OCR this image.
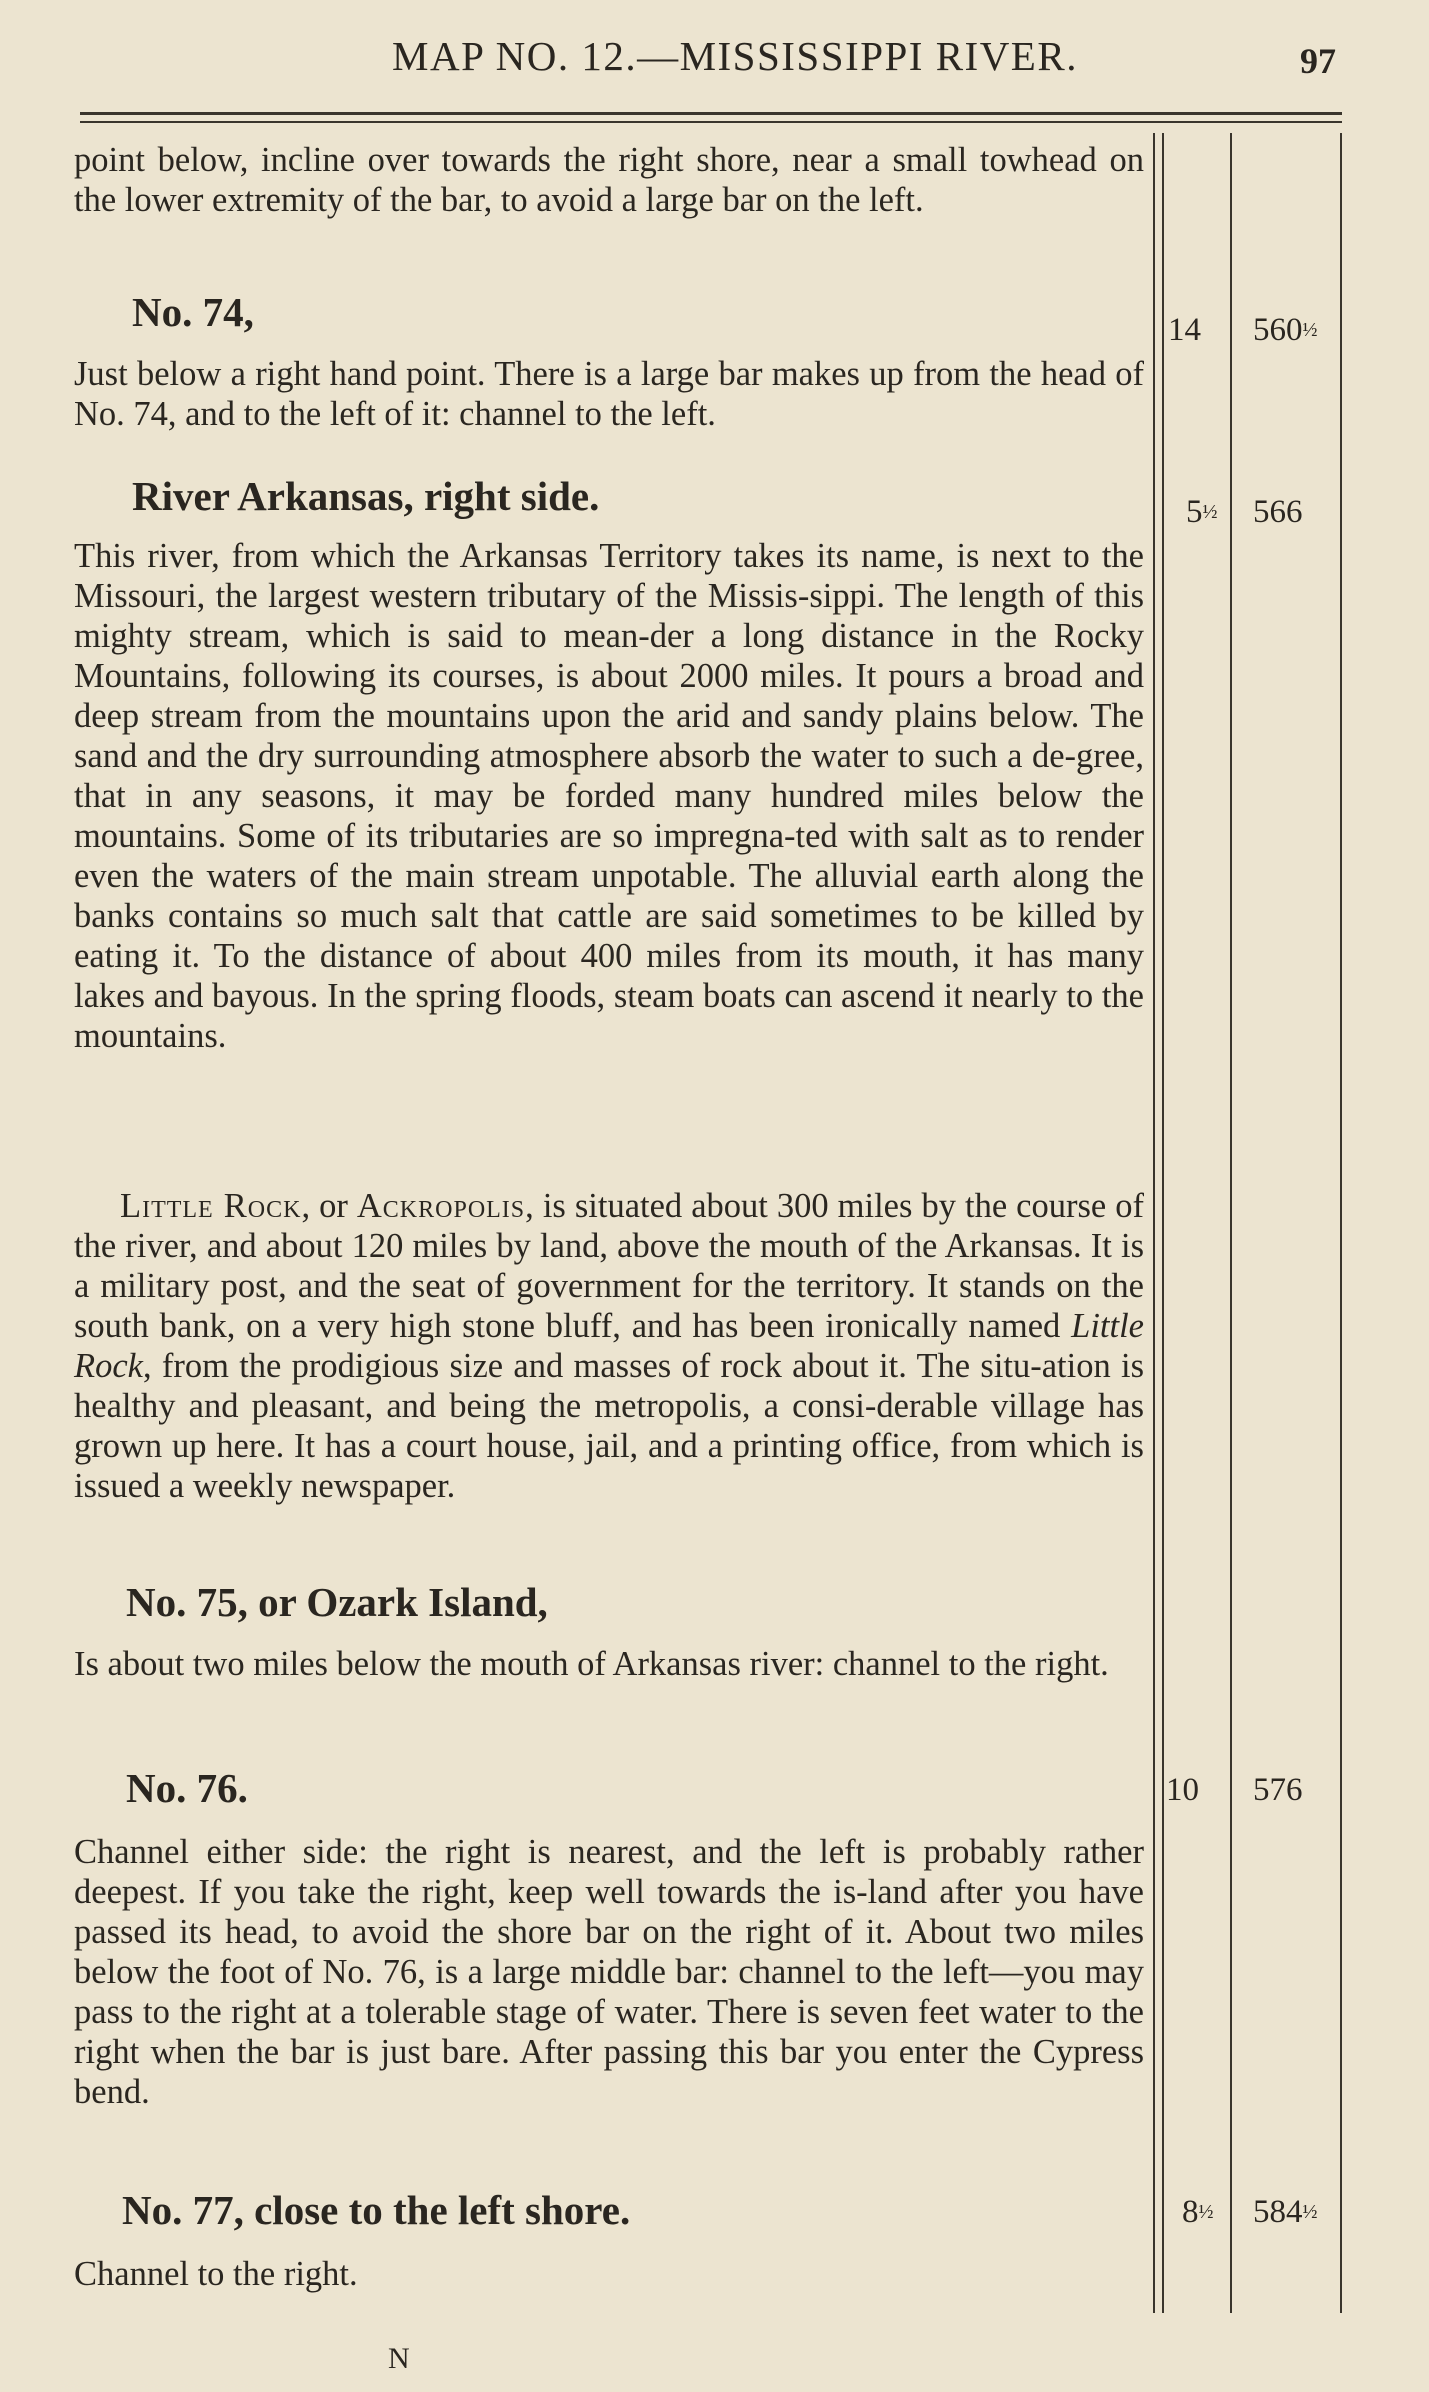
MAP NO. 12.—MISSISSIPPI RIVER.	97

point below, incline over towards the right shore, near a small towhead on the lower extremity of the bar, to avoid a large bar on the left.

No. 74,

Just below a right hand point. There is a large bar makes up from the head of No. 74, and to the left of it: channel to the left.

14 560½

River Arkansas, right side.

This river, from which the Arkansas Territory takes its name, is next to the Missouri, the largest western tributary of the Missis-sippi. The length of this mighty stream, which is said to mean-der a long distance in the Rocky Mountains, following its courses, is about 2000 miles. It pours a broad and deep stream from the mountains upon the arid and sandy plains below. The sand and the dry surrounding atmosphere absorb the water to such a de-gree, that in any seasons, it may be forded many hundred miles below the mountains. Some of its tributaries are so impregna-ted with salt as to render even the waters of the main stream unpotable. The alluvial earth along the banks contains so much salt that cattle are said sometimes to be killed by eating it. To the distance of about 400 miles from its mouth, it has many lakes and bayous. In the spring floods, steam boats can ascend it nearly to the mountains.

5½ 566

Little Rock, or Ackropolis, is situated about 300 miles by the course of the river, and about 120 miles by land, above the mouth of the Arkansas. It is a military post, and the seat of government for the territory. It stands on the south bank, on a very high stone bluff, and has been ironically named Little Rock, from the prodigious size and masses of rock about it. The situ-ation is healthy and pleasant, and being the metropolis, a consi-derable village has grown up here. It has a court house, jail, and a printing office, from which is issued a weekly newspaper.

No. 75, or Ozark Island,

Is about two miles below the mouth of Arkansas river: channel to the right.

No. 76.

Channel either side: the right is nearest, and the left is probably rather deepest. If you take the right, keep well towards the is-land after you have passed its head, to avoid the shore bar on the right of it. About two miles below the foot of No. 76, is a large middle bar: channel to the left—you may pass to the right at a tolerable stage of water. There is seven feet water to the right when the bar is just bare. After passing this bar you enter the Cypress bend.

10 576

No. 77, close to the left shore.

Channel to the right.

8½ 584½
N
